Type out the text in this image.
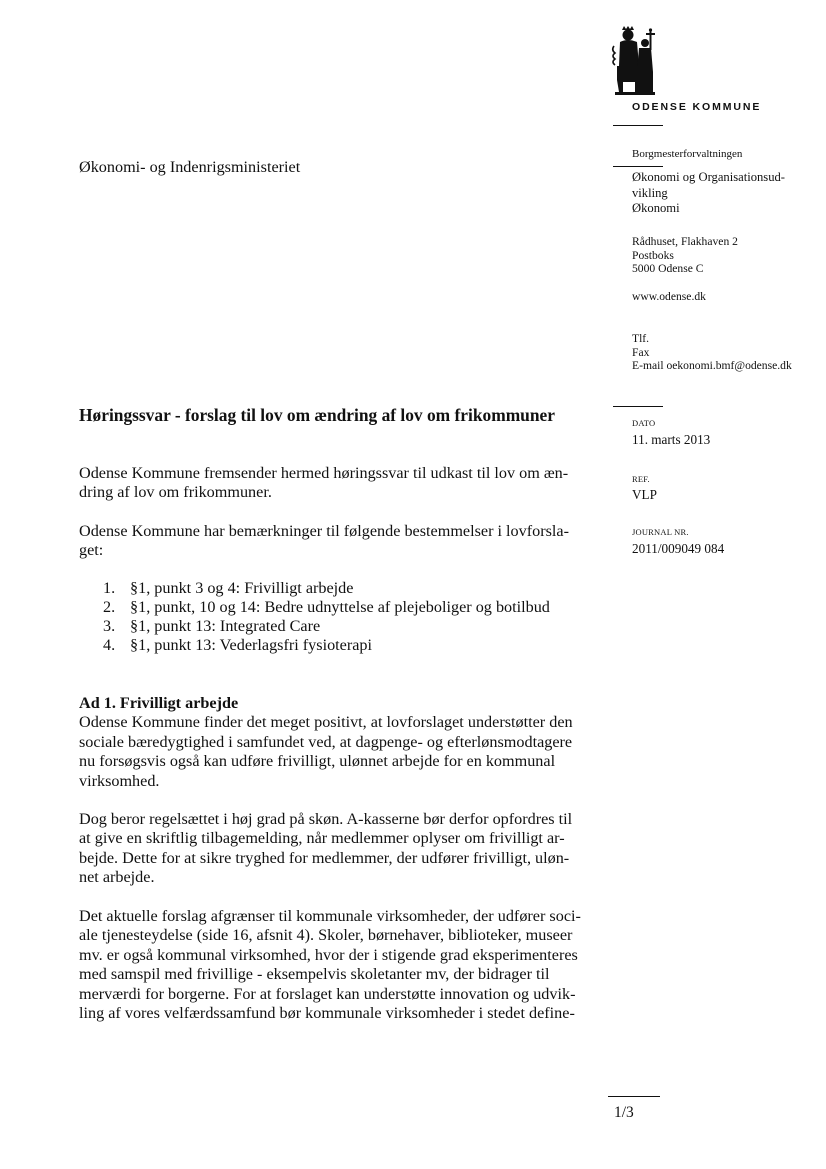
ODENSE KOMMUNE
Borgmesterforvaltningen
Økonomi og Organisationsud-
vikling
Økonomi
Rådhuset, Flakhaven 2
Postboks
5000 Odense C
www.odense.dk
Tlf.
Fax
E-mail oekonomi.bmf@odense.dk
DATO
11. marts 2013
REF.
VLP
JOURNAL NR.
2011/009049 084
Økonomi- og Indenrigsministeriet
Høringssvar - forslag til lov om ændring af lov om frikommuner
Odense Kommune fremsender hermed høringssvar til udkast til lov om æn-
dring af lov om frikommuner.
Odense Kommune har bemærkninger til følgende bestemmelser i lovforsla-
get:
1. §1, punkt 3 og 4: Frivilligt arbejde
2. §1, punkt, 10 og 14: Bedre udnyttelse af plejeboliger og botilbud
3. §1, punkt 13: Integrated Care
4. §1, punkt 13: Vederlagsfri fysioterapi
Ad 1. Frivilligt arbejde
Odense Kommune finder det meget positivt, at lovforslaget understøtter den
sociale bæredygtighed i samfundet ved, at dagpenge- og efterlønsmodtagere
nu forsøgsvis også kan udføre frivilligt, ulønnet arbejde for en kommunal
virksomhed.
Dog beror regelsættet i høj grad på skøn. A-kasserne bør derfor opfordres til
at give en skriftlig tilbagemelding, når medlemmer oplyser om frivilligt ar-
bejde. Dette for at sikre tryghed for medlemmer, der udfører frivilligt, uløn-
net arbejde.
Det aktuelle forslag afgrænser til kommunale virksomheder, der udfører soci-
ale tjenesteydelse (side 16, afsnit 4). Skoler, børnehaver, biblioteker, museer
mv. er også kommunal virksomhed, hvor der i stigende grad eksperimenteres
med samspil med frivillige - eksempelvis skoletanter mv, der bidrager til
merværdi for borgerne. For at forslaget kan understøtte innovation og udvik-
ling af vores velfærdssamfund bør kommunale virksomheder i stedet define-
1/3
